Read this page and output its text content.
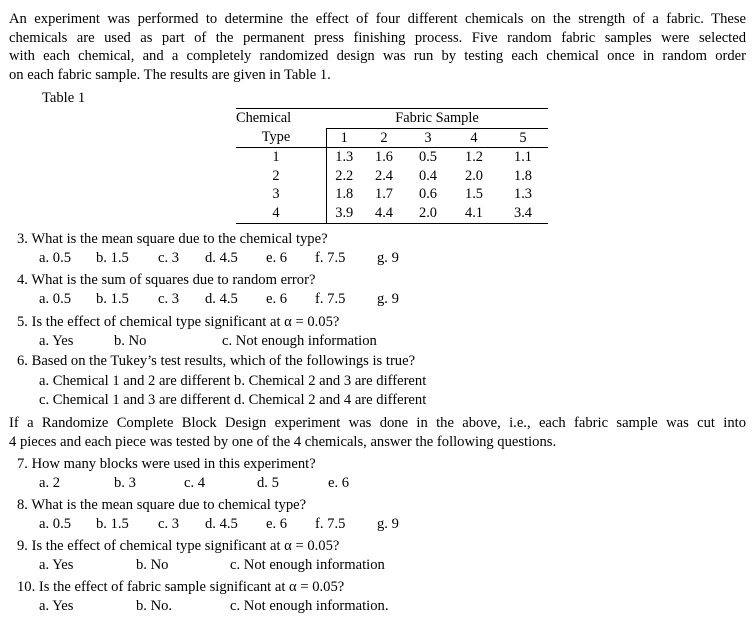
An experiment was performed to determine the effect of four different chemicals on the strength of a fabric. These
chemicals are used as part of the permanent press finishing process. Five random fabric samples were selected
with each chemical, and a completely randomized design was run by testing each chemical once in random order
on each fabric sample. The results are given in Table 1.
Table 1
Chemical		Fabric Sample				
Type		1	2	3	4	5
1		1.3	1.6	0.5	1.2	1.1
2		2.2	2.4	0.4	2.0	1.8
3		1.8	1.7	0.6	1.5	1.3
4		3.9	4.4	2.0	4.1	3.4
3. What is the mean square due to the chemical type?
a. 0.5 b. 1.5 c. 3 d. 4.5 e. 6 f. 7.5 g. 9
4. What is the sum of squares due to random error?
a. 0.5 b. 1.5 c. 3 d. 4.5 e. 6 f. 7.5 g. 9
5. Is the effect of chemical type significant at α = 0.05?
a. Yes	b. No	c. Not enough information
6. Based on the Tukey’s test results, which of the followings is true?
a. Chemical 1 and 2 are different b. Chemical 2 and 3 are different
c. Chemical 1 and 3 are different d. Chemical 2 and 4 are different
If a Randomize Complete Block Design experiment was done in the above, i.e., each fabric sample was cut into
4 pieces and each piece was tested by one of the 4 chemicals, answer the following questions.
7. How many blocks were used in this experiment?
a. 2	b. 3	c. 4	d. 5	e. 6
8. What is the mean square due to chemical type?
a. 0.5 b. 1.5 c. 3 d. 4.5 e. 6 f. 7.5 g. 9
9. Is the effect of chemical type significant at α = 0.05?
a. Yes	b. No	c. Not enough information
10. Is the effect of fabric sample significant at α = 0.05?
a. Yes	b. No.	c. Not enough information.
